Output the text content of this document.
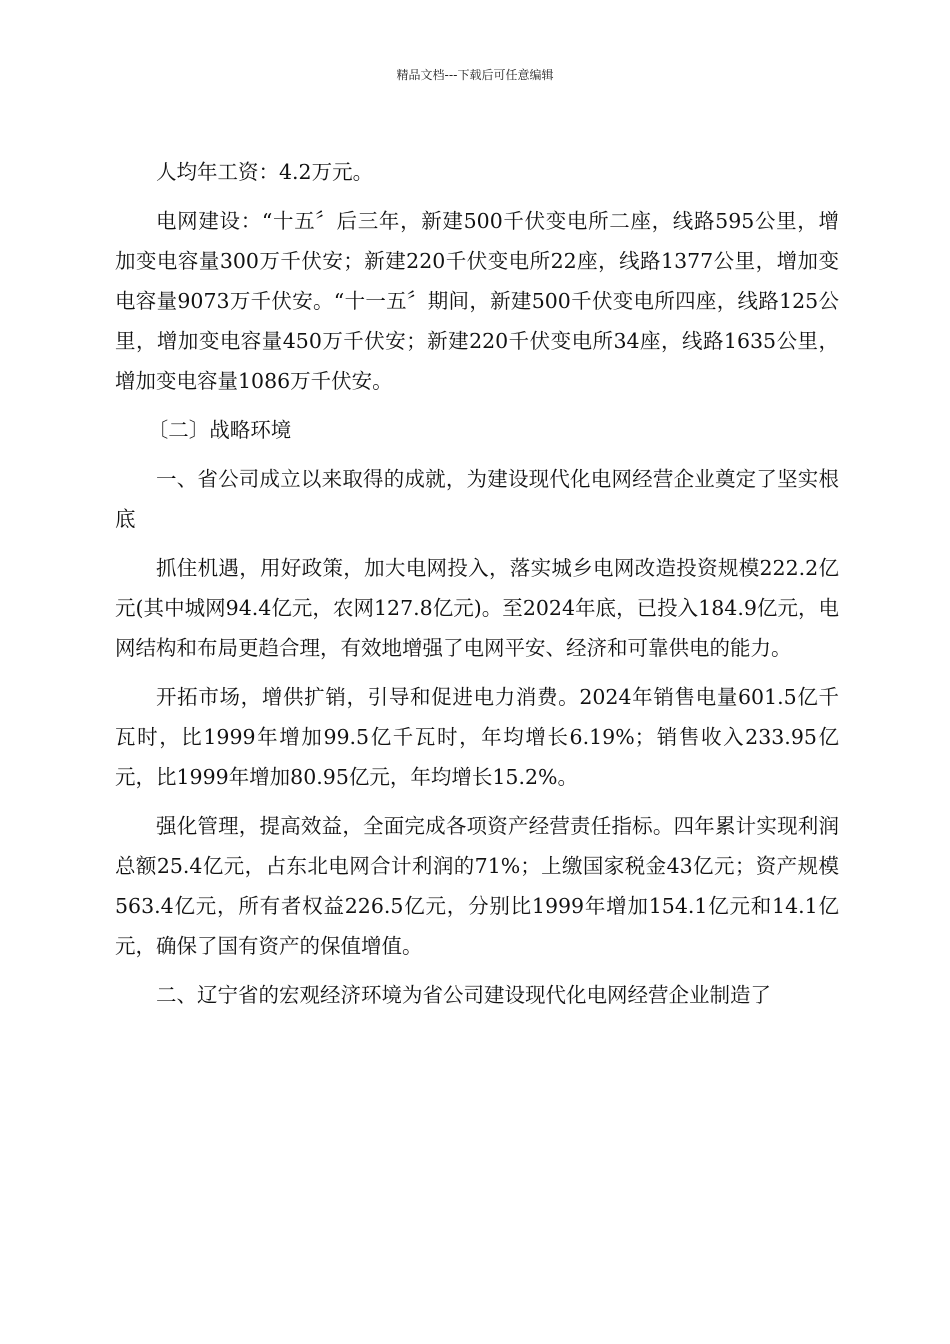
精品文档---下载后可任意编辑

人均年工资：4.2万元。

电网建设：“十五〞后三年，新建500千伏变电所二座，线路595公里，增加变电容量300万千伏安；新建220千伏变电所22座，线路1377公里，增加变电容量9073万千伏安。“十一五〞期间，新建500千伏变电所四座，线路125公里，增加变电容量450万千伏安；新建220千伏变电所34座，线路1635公里，增加变电容量1086万千伏安。

〔二〕战略环境

一、省公司成立以来取得的成就，为建设现代化电网经营企业奠定了坚实根底

抓住机遇，用好政策，加大电网投入，落实城乡电网改造投资规模222.2亿元(其中城网94.4亿元，农网127.8亿元)。至2024年底，已投入184.9亿元，电网结构和布局更趋合理，有效地增强了电网平安、经济和可靠供电的能力。

开拓市场，增供扩销，引导和促进电力消费。2024年销售电量601.5亿千瓦时，比1999年增加99.5亿千瓦时，年均增长6.19%；销售收入233.95亿元，比1999年增加80.95亿元，年均增长15.2%。

强化管理，提高效益，全面完成各项资产经营责任指标。四年累计实现利润总额25.4亿元，占东北电网合计利润的71%；上缴国家税金43亿元；资产规模563.4亿元，所有者权益226.5亿元，分别比1999年增加154.1亿元和14.1亿元，确保了国有资产的保值增值。

二、辽宁省的宏观经济环境为省公司建设现代化电网经营企业制造了
